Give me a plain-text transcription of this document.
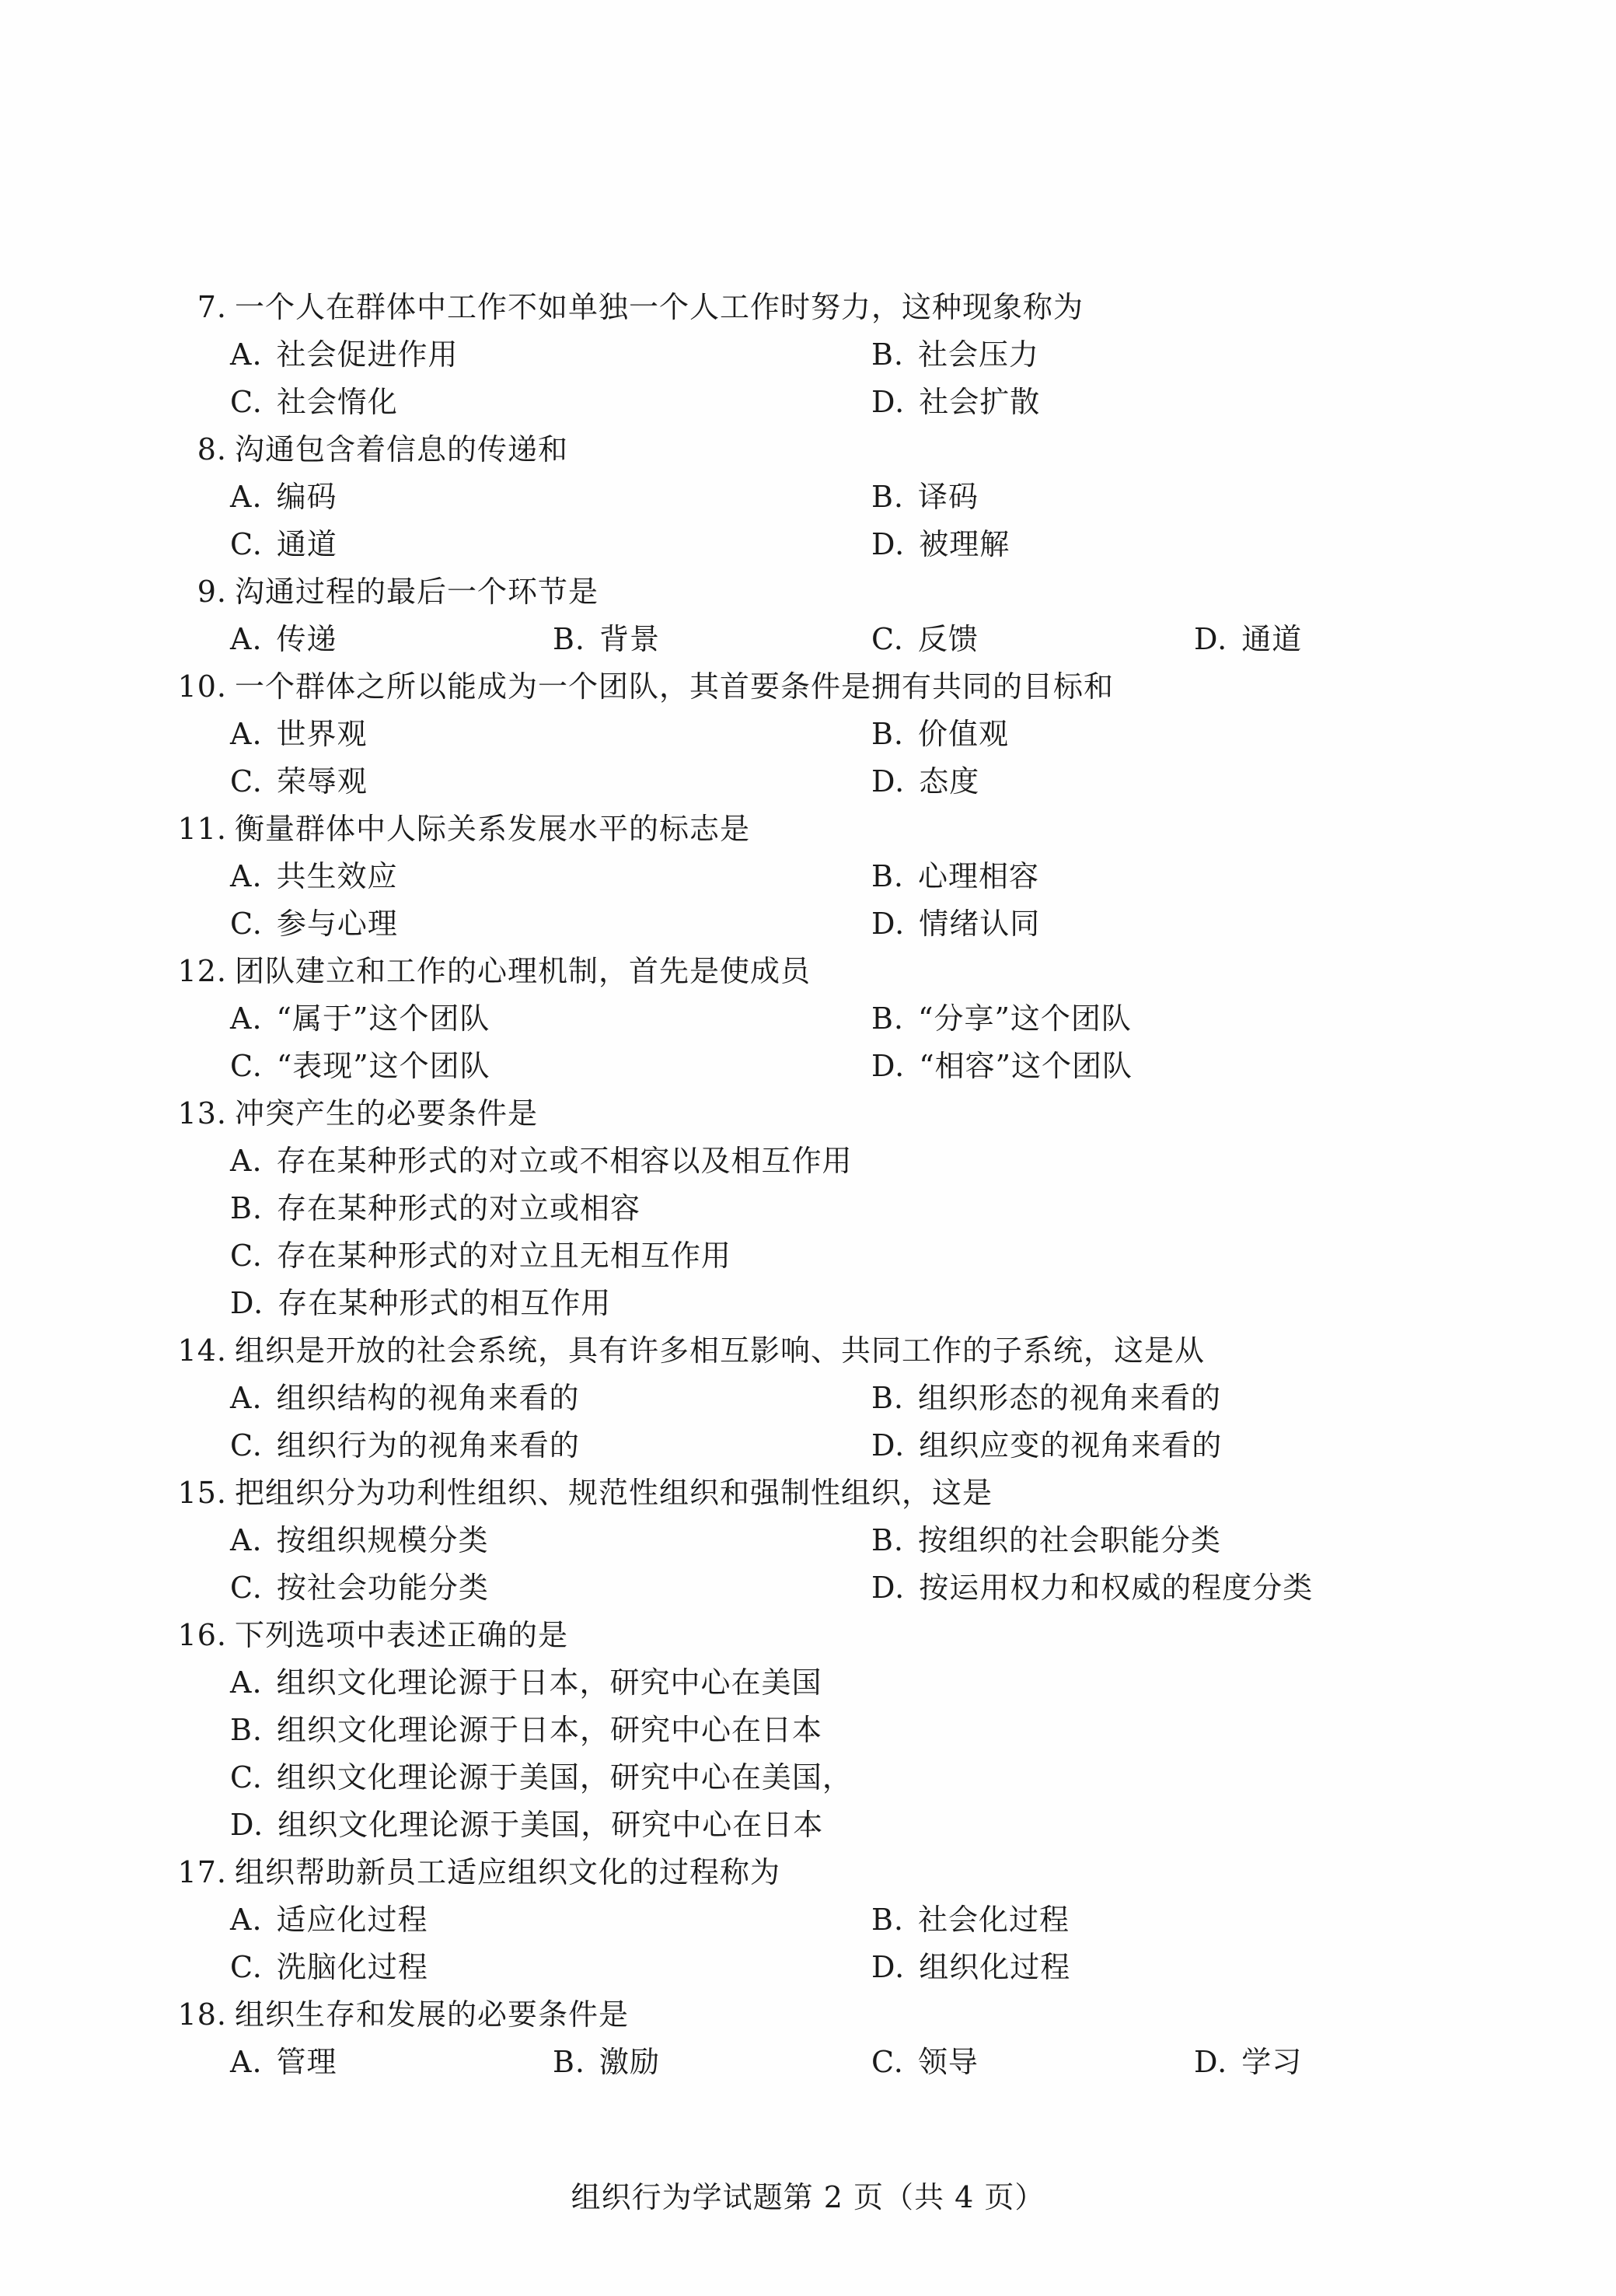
7. 一个人在群体中工作不如单独一个人工作时努力，这种现象称为
A. 社会促进作用	B. 社会压力
C. 社会惰化	D. 社会扩散
8. 沟通包含着信息的传递和
A. 编码	B. 译码
C. 通道	D. 被理解
9. 沟通过程的最后一个环节是
A. 传递	B. 背景	C. 反馈	D. 通道
10. 一个群体之所以能成为一个团队，其首要条件是拥有共同的目标和
A. 世界观	B. 价值观
C. 荣辱观	D. 态度
11. 衡量群体中人际关系发展水平的标志是
A. 共生效应	B. 心理相容
C. 参与心理	D. 情绪认同
12. 团队建立和工作的心理机制，首先是使成员
A. “属于”这个团队	B. “分享”这个团队
C. “表现”这个团队	D. “相容”这个团队
13. 冲突产生的必要条件是
A. 存在某种形式的对立或不相容以及相互作用
B. 存在某种形式的对立或相容
C. 存在某种形式的对立且无相互作用
D. 存在某种形式的相互作用
14. 组织是开放的社会系统，具有许多相互影响、共同工作的子系统，这是从
A. 组织结构的视角来看的	B. 组织形态的视角来看的
C. 组织行为的视角来看的	D. 组织应变的视角来看的
15. 把组织分为功利性组织、规范性组织和强制性组织，这是
A. 按组织规模分类	B. 按组织的社会职能分类
C. 按社会功能分类	D. 按运用权力和权威的程度分类
16. 下列选项中表述正确的是
A. 组织文化理论源于日本，研究中心在美国
B. 组织文化理论源于日本，研究中心在日本
C. 组织文化理论源于美国，研究中心在美国，
D. 组织文化理论源于美国，研究中心在日本
17. 组织帮助新员工适应组织文化的过程称为
A. 适应化过程	B. 社会化过程
C. 洗脑化过程	D. 组织化过程
18. 组织生存和发展的必要条件是
A. 管理	B. 激励	C. 领导	D. 学习
组织行为学试题第 2 页（共 4 页）
